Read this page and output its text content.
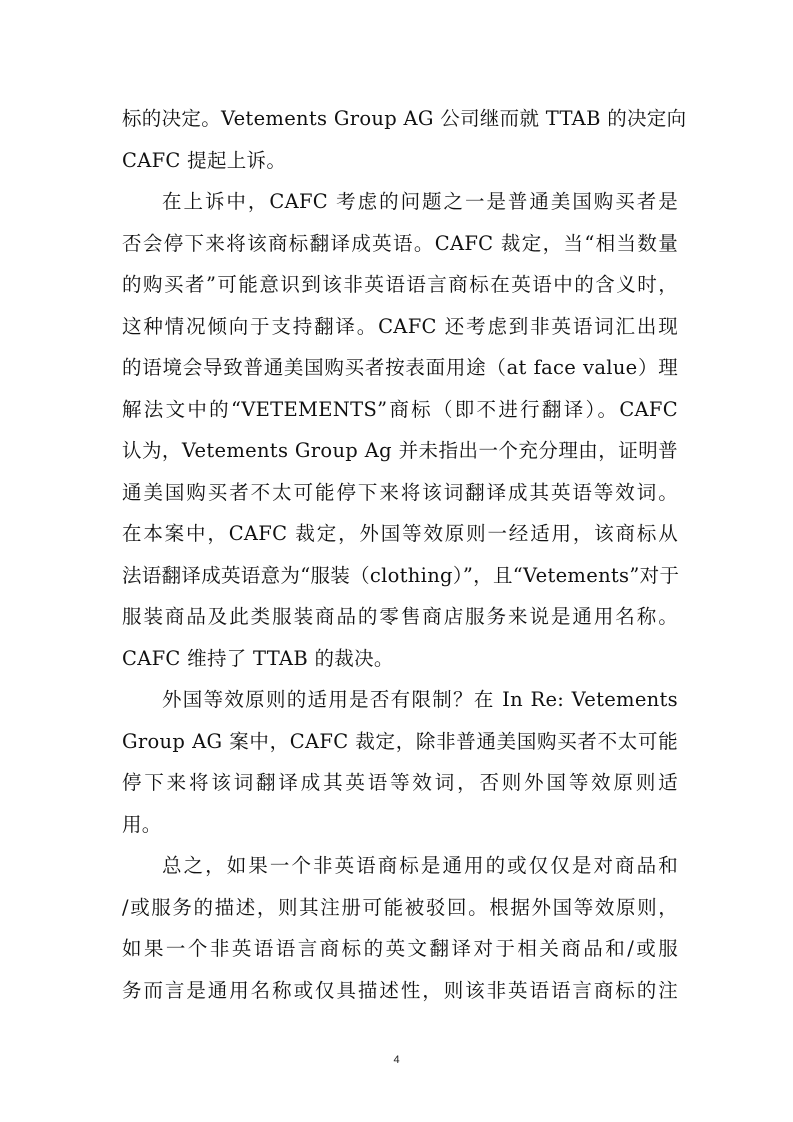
标的决定。Vetements Group AG 公司继而就 TTAB 的决定向
CAFC 提起上诉。
在上诉中，CAFC 考虑的问题之一是普通美国购买者是
否会停下来将该商标翻译成英语。CAFC 裁定，当“相当数量
的购买者”可能意识到该非英语语言商标在英语中的含义时，
这种情况倾向于支持翻译。CAFC 还考虑到非英语词汇出现
的语境会导致普通美国购买者按表面用途（at face value）理
解法文中的“VETEMENTS”商标（即不进行翻译）。CAFC
认为，Vetements Group Ag 并未指出一个充分理由，证明普
通美国购买者不太可能停下来将该词翻译成其英语等效词。
在本案中，CAFC 裁定，外国等效原则一经适用，该商标从
法语翻译成英语意为“服装（clothing）”，且“Vetements”对于
服装商品及此类服装商品的零售商店服务来说是通用名称。
CAFC 维持了 TTAB 的裁决。
外国等效原则的适用是否有限制？在 In Re: Vetements
Group AG 案中，CAFC 裁定，除非普通美国购买者不太可能
停下来将该词翻译成其英语等效词，否则外国等效原则适
用。
总之，如果一个非英语商标是通用的或仅仅是对商品和
/或服务的描述，则其注册可能被驳回。根据外国等效原则，
如果一个非英语语言商标的英文翻译对于相关商品和/或服
务而言是通用名称或仅具描述性，则该非英语语言商标的注
4
